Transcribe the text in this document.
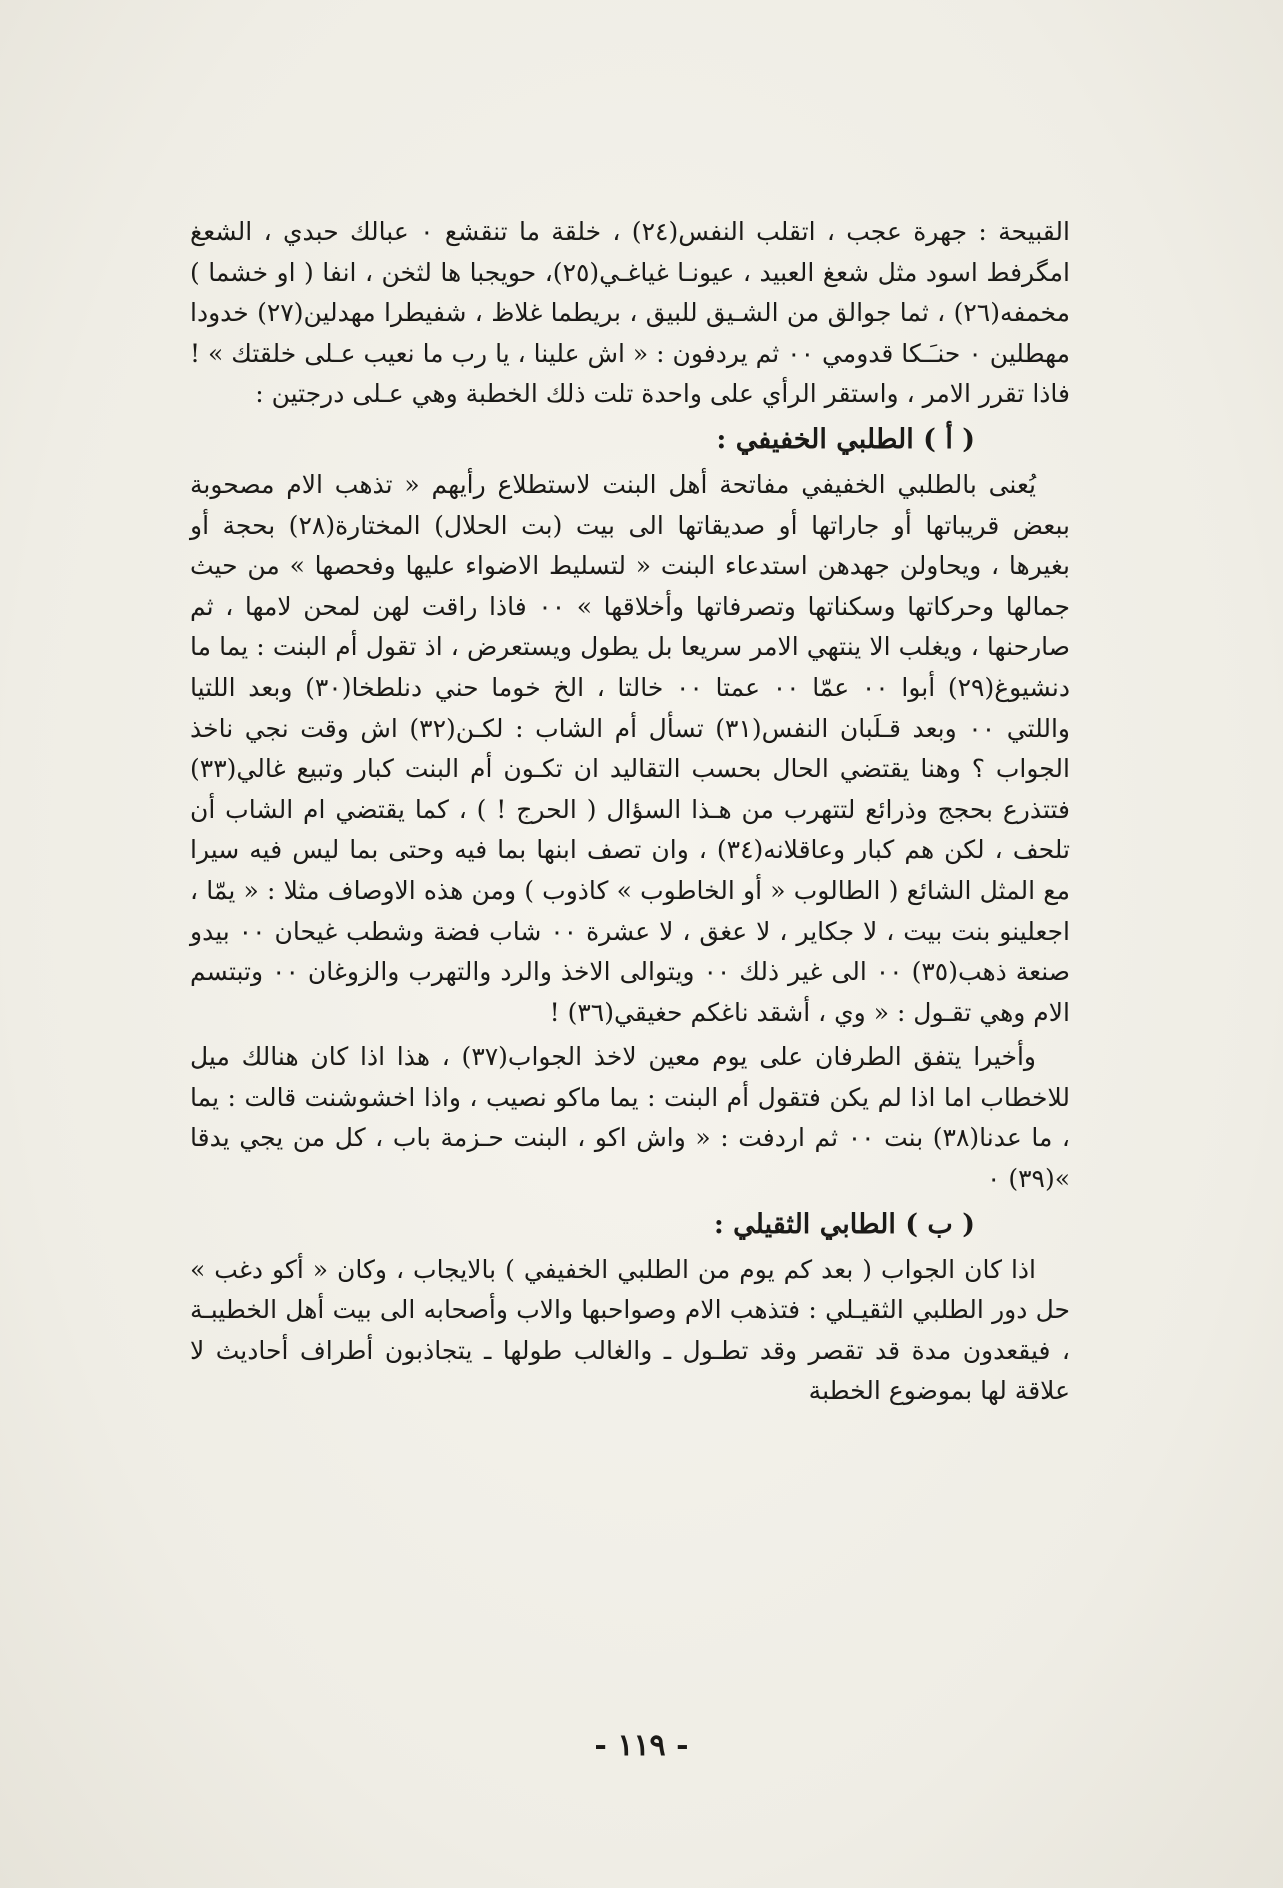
القبيحة : جهرة عجب ، اتقلب النفس(٢٤) ، خلقة ما تنقشع ٠ عبالك حبدي ، الشعغ امگرفط اسود مثل شعغ العبيد ، عيونـا غياغـي(٢٥)، حويجبا ها لثخن ، انفا ( او خشما ) مخمفه(٢٦) ، ثما جوالق من الشـيق للبيق ، بريطما غلاظ ، شفيطرا مهدلين(٢٧) خدودا مهطلين ٠ حنـَـكا قدومي ٠٠ ثم يردفون : « اش علينا ، يا رب ما نعيب عـلى خلقتك » ! فاذا تقرر الامر ، واستقر الرأي على واحدة تلت ذلك الخطبة وهي عـلى درجتين :

( أ ) الطلبي الخفيفي :

يُعنى بالطلبي الخفيفي مفاتحة أهل البنت لاستطلاع رأيهم « تذهب الام مصحوبة ببعض قريباتها أو جاراتها أو صديقاتها الى بيت (بت الحلال) المختارة(٢٨) بحجة أو بغيرها ، ويحاولن جهدهن استدعاء البنت « لتسليط الاضواء عليها وفحصها » من حيث جمالها وحركاتها وسكناتها وتصرفاتها وأخلاقها » ٠٠ فاذا راقت لهن لمحن لامها ، ثم صارحنها ، ويغلب الا ينتهي الامر سريعا بل يطول ويستعرض ، اذ تقول أم البنت : يما ما دنشيوغ(٢٩) أبوا ٠٠ عمّا ٠٠ عمتا ٠٠ خالتا ، الخ خوما حني دنلطخا(٣٠) وبعد اللتيا واللتي ٠٠ وبعد قـلَبان النفس(٣١) تسأل أم الشاب : لكـن(٣٢) اش وقت نجي ناخذ الجواب ؟ وهنا يقتضي الحال بحسب التقاليد ان تكـون أم البنت كبار وتبيع غالي(٣٣) فتتذرع بحجج وذرائع لتتهرب من هـذا السؤال ( الحرج ! ) ، كما يقتضي ام الشاب أن تلحف ، لكن هم كبار وعاقلانه(٣٤) ، وان تصف ابنها بما فيه وحتى بما ليس فيه سيرا مع المثل الشائع ( الطالوب « أو الخاطوب » كاذوب ) ومن هذه الاوصاف مثلا : « يمّا ، اجعلينو بنت بيت ، لا جكاير ، لا عغق ، لا عشرة ٠٠ شاب فضة وشطب غيحان ٠٠ بيدو صنعة ذهب(٣٥) ٠٠ الى غير ذلك ٠٠ ويتوالى الاخذ والرد والتهرب والزوغان ٠٠ وتبتسم الام وهي تقـول : « وي ، أشقد ناغكم حغيقي(٣٦) !

وأخيرا يتفق الطرفان على يوم معين لاخذ الجواب(٣٧) ، هذا اذا كان هنالك ميل للاخطاب اما اذا لم يكن فتقول أم البنت : يما ماكو نصيب ، واذا اخشوشنت قالت : يما ، ما عدنا(٣٨) بنت ٠٠ ثم اردفت : « واش اكو ، البنت حـزمة باب ، كل من يجي يدقا »(٣٩) ٠

( ب ) الطابي الثقيلي :

اذا كان الجواب ( بعد كم يوم من الطلبي الخفيفي ) بالايجاب ، وكان « أكو دغب » حل دور الطلبي الثقيـلي : فتذهب الام وصواحبها والاب وأصحابه الى بيت أهل الخطيبـة ، فيقعدون مدة قد تقصر وقد تطـول ـ والغالب طولها ـ يتجاذبون أطراف أحاديث لا علاقة لها بموضوع الخطبة

- ١١٩ -
